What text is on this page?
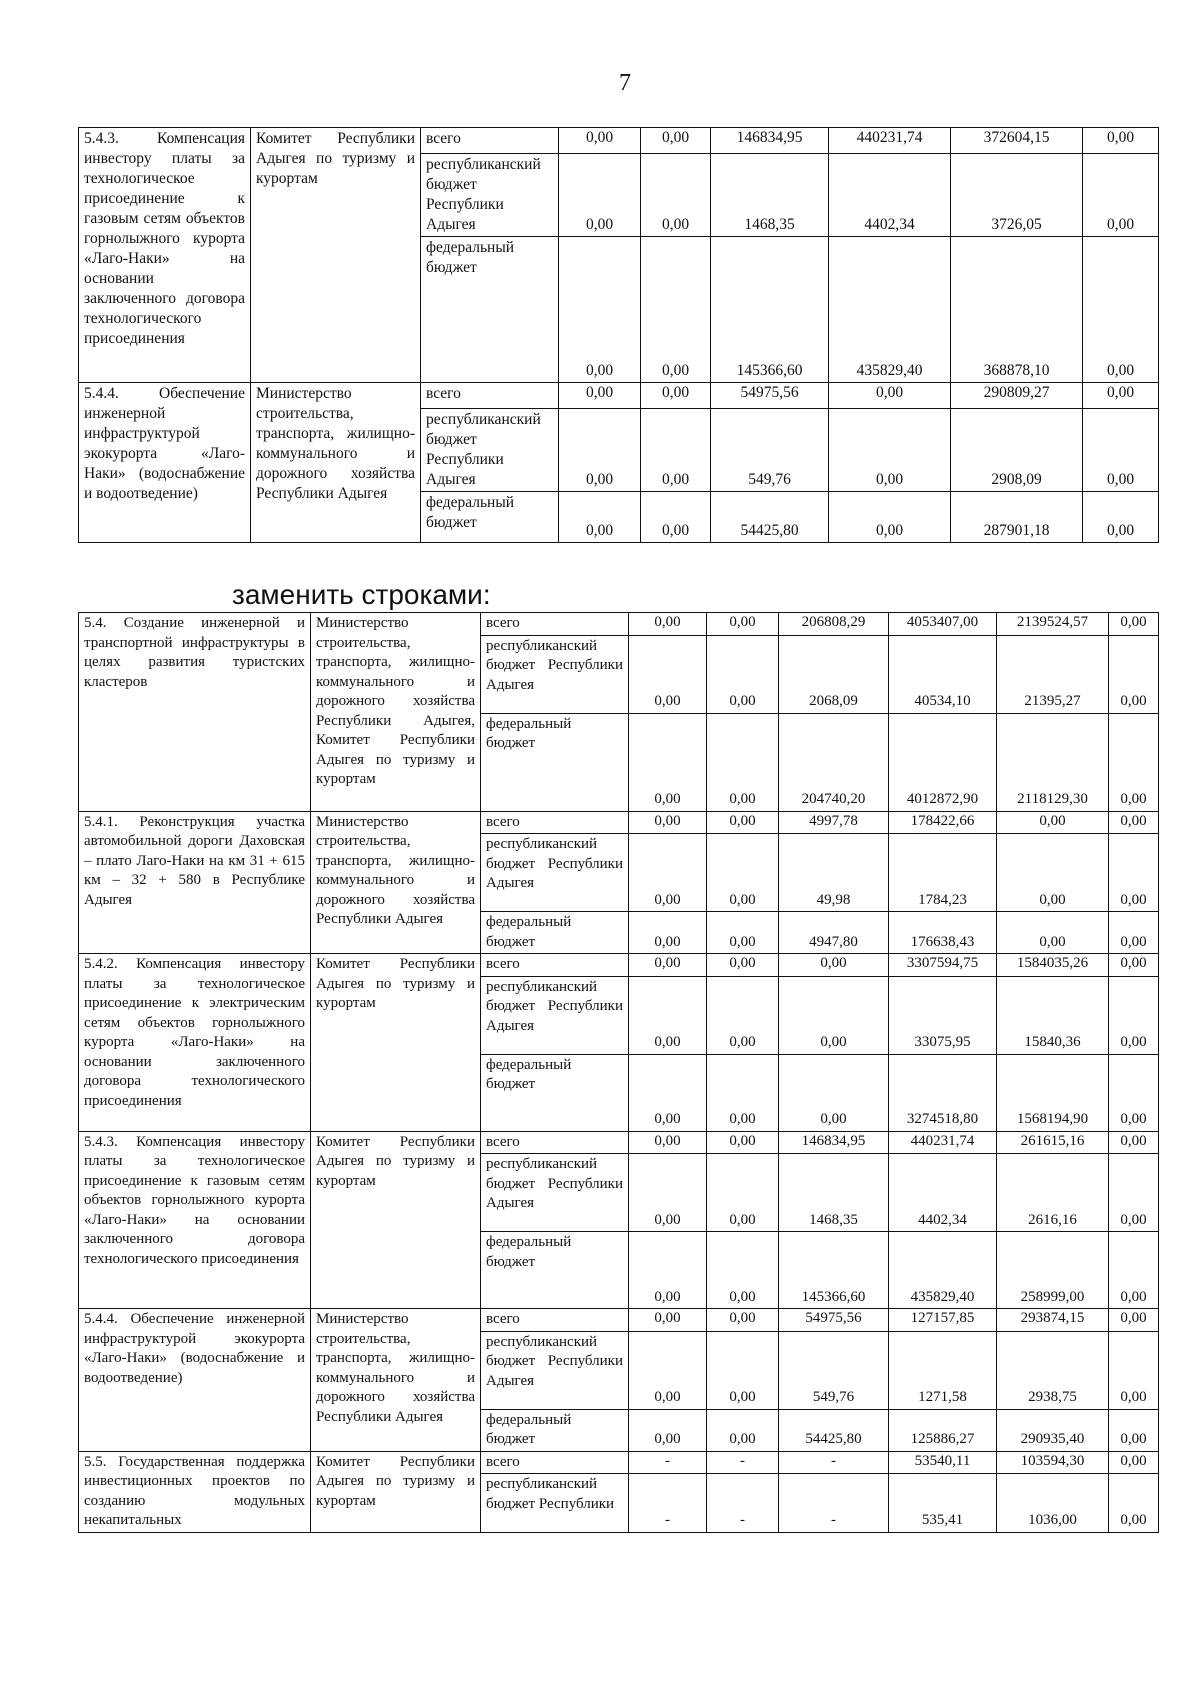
7
5.4.3. Компенсация инвестору платы за технологическое присоединение к газовым сетям объектов горнолыжного курорта «Лаго-Наки» на основании заключенного договора технологического присоединения	Комитет Республики Адыгея по туризму и курортам	всего	0,00	0,00	146834,95	440231,74	372604,15	0,00
		республиканский бюджет Республики Адыгея	0,00	0,00	1468,35	4402,34	3726,05	0,00
		федеральный бюджет	0,00	0,00	145366,60	435829,40	368878,10	0,00
5.4.4. Обеспечение инженерной инфраструктурой экокурорта «Лаго-Наки» (водоснабжение и водоотведение)	Министерство строительства, транспорта, жилищно-коммунального и дорожного хозяйства Республики Адыгея	всего	0,00	0,00	54975,56	0,00	290809,27	0,00
		республиканский бюджет Республики Адыгея	0,00	0,00	549,76	0,00	2908,09	0,00
		федеральный бюджет	0,00	0,00	54425,80	0,00	287901,18	0,00
заменить строками:
5.4. Создание инженерной и транспортной инфраструктуры в целях развития туристских кластеров	Министерство строительства, транспорта, жилищно-коммунального и дорожного хозяйства Республики Адыгея, Комитет Республики Адыгея по туризму и курортам	всего	0,00	0,00	206808,29	4053407,00	2139524,57	0,00
		республиканский бюджет Республики Адыгея	0,00	0,00	2068,09	40534,10	21395,27	0,00
		федеральный бюджет	0,00	0,00	204740,20	4012872,90	2118129,30	0,00
5.4.1. Реконструкция участка автомобильной дороги Даховская – плато Лаго-Наки на км 31 + 615 км – 32 + 580 в Республике Адыгея	Министерство строительства, транспорта, жилищно-коммунального и дорожного хозяйства Республики Адыгея	всего	0,00	0,00	4997,78	178422,66	0,00	0,00
		республиканский бюджет Республики Адыгея	0,00	0,00	49,98	1784,23	0,00	0,00
		федеральный бюджет	0,00	0,00	4947,80	176638,43	0,00	0,00
5.4.2. Компенсация инвестору платы за технологическое присоединение к электрическим сетям объектов горнолыжного курорта «Лаго-Наки» на основании заключенного договора технологического присоединения	Комитет Республики Адыгея по туризму и курортам	всего	0,00	0,00	0,00	3307594,75	1584035,26	0,00
		республиканский бюджет Республики Адыгея	0,00	0,00	0,00	33075,95	15840,36	0,00
		федеральный бюджет	0,00	0,00	0,00	3274518,80	1568194,90	0,00
5.4.3. Компенсация инвестору платы за технологическое присоединение к газовым сетям объектов горнолыжного курорта «Лаго-Наки» на основании заключенного договора технологического присоединения	Комитет Республики Адыгея по туризму и курортам	всего	0,00	0,00	146834,95	440231,74	261615,16	0,00
		республиканский бюджет Республики Адыгея	0,00	0,00	1468,35	4402,34	2616,16	0,00
		федеральный бюджет	0,00	0,00	145366,60	435829,40	258999,00	0,00
5.4.4. Обеспечение инженерной инфраструктурой экокурорта «Лаго-Наки» (водоснабжение и водоотведение)	Министерство строительства, транспорта, жилищно-коммунального и дорожного хозяйства Республики Адыгея	всего	0,00	0,00	54975,56	127157,85	293874,15	0,00
		республиканский бюджет Республики Адыгея	0,00	0,00	549,76	1271,58	2938,75	0,00
		федеральный бюджет	0,00	0,00	54425,80	125886,27	290935,40	0,00
5.5. Государственная поддержка инвестиционных проектов по созданию модульных некапитальных	Комитет Республики Адыгея по туризму и курортам	всего	-	-	-	53540,11	103594,30	0,00
		республиканский бюджет Республики	-	-	-	535,41	1036,00	0,00
